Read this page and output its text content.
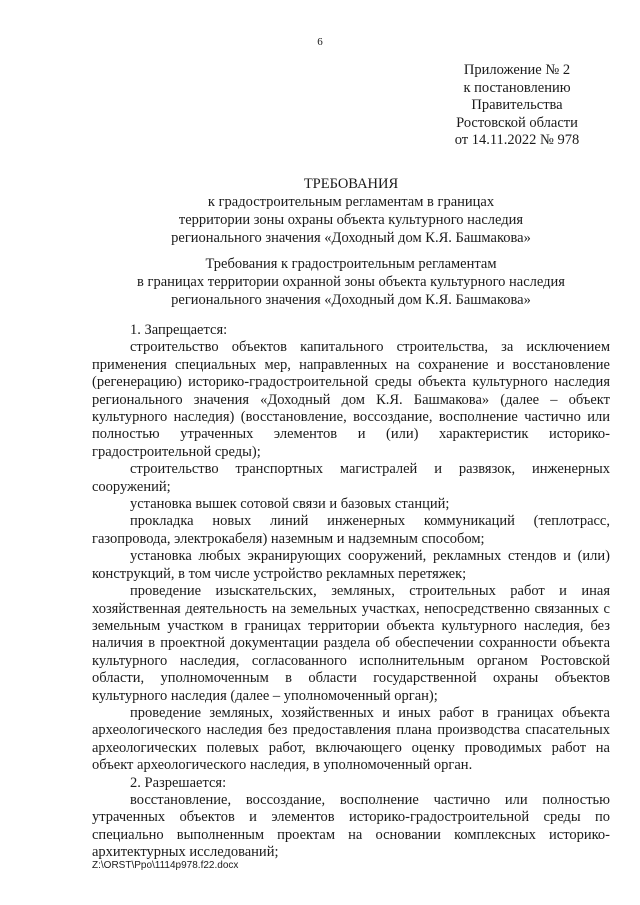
6
Приложение № 2
к постановлению
Правительства
Ростовской области
от 14.11.2022 № 978
ТРЕБОВАНИЯ
к градостроительным регламентам в границах
территории зоны охраны объекта культурного наследия
регионального значения «Доходный дом К.Я. Башмакова»
Требования к градостроительным регламентам
в границах территории охранной зоны объекта культурного наследия
регионального значения «Доходный дом К.Я. Башмакова»

1. Запрещается:

строительство объектов капитального строительства, за исключением применения специальных мер, направленных на сохранение и восстановление (регенерацию) историко-градостроительной среды объекта культурного наследия регионального значения «Доходный дом К.Я. Башмакова» (далее – объект культурного наследия) (восстановление, воссоздание, восполнение частично или полностью утраченных элементов и (или) характеристик историко-градостроительной среды);

строительство транспортных магистралей и развязок, инженерных сооружений;

установка вышек сотовой связи и базовых станций;

прокладка новых линий инженерных коммуникаций (теплотрасс, газопровода, электрокабеля) наземным и надземным способом;

установка любых экранирующих сооружений, рекламных стендов и (или) конструкций, в том числе устройство рекламных перетяжек;

проведение изыскательских, земляных, строительных работ и иная хозяйственная деятельность на земельных участках, непосредственно связанных с земельным участком в границах территории объекта культурного наследия, без наличия в проектной документации раздела об обеспечении сохранности объекта культурного наследия, согласованного исполнительным органом Ростовской области, уполномоченным в области государственной охраны объектов культурного наследия (далее – уполномоченный орган);

проведение земляных, хозяйственных и иных работ в границах объекта археологического наследия без предоставления плана производства спасательных археологических полевых работ, включающего оценку проводимых работ на объект археологического наследия, в уполномоченный орган.

2. Разрешается:

восстановление, воссоздание, восполнение частично или полностью утраченных объектов и элементов историко-градостроительной среды по специально выполненным проектам на основании комплексных историко-архитектурных исследований;

Z:\ORST\Ppo\1114p978.f22.docx
